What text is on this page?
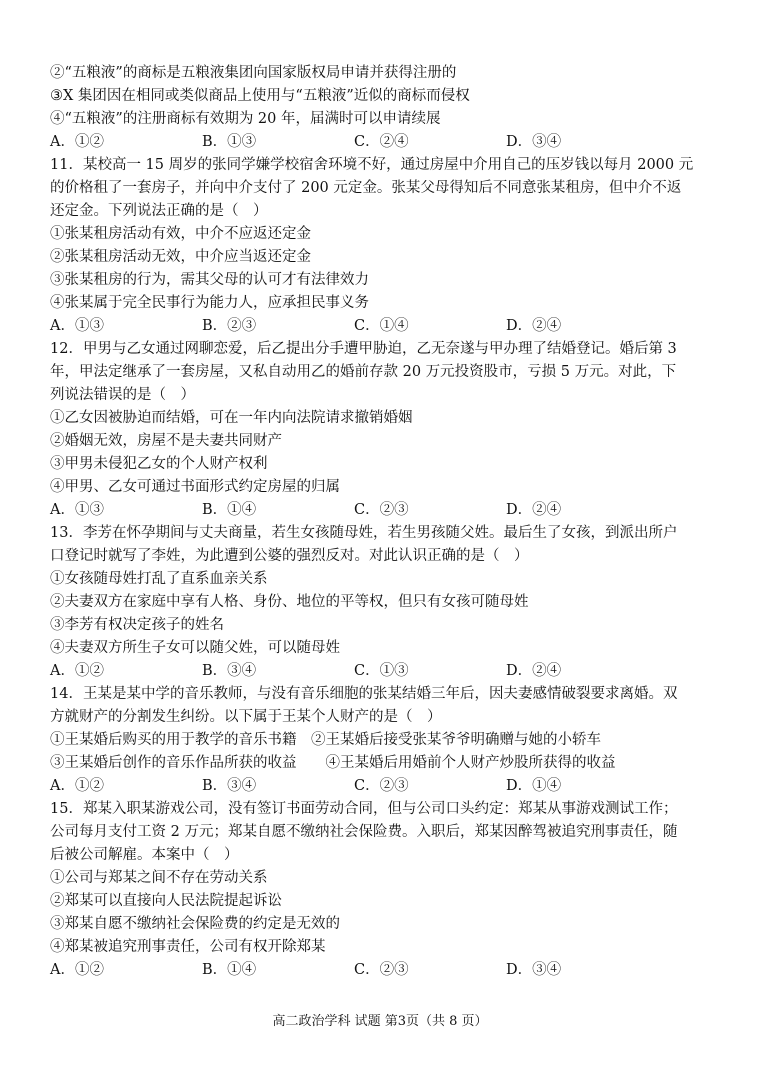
②“五粮液”的商标是五粮液集团向国家版权局申请并获得注册的
③X 集团因在相同或类似商品上使用与“五粮液”近似的商标而侵权
④“五粮液”的注册商标有效期为 20 年，届满时可以申请续展
A．①②	B．①③	C．②④	D．③④
11．某校高一 15 周岁的张同学嫌学校宿舍环境不好，通过房屋中介用自己的压岁钱以每月 2000 元
的价格租了一套房子，并向中介支付了 200 元定金。张某父母得知后不同意张某租房，但中介不返
还定金。下列说法正确的是（　）
①张某租房活动有效，中介不应返还定金
②张某租房活动无效，中介应当返还定金
③张某租房的行为，需其父母的认可才有法律效力
④张某属于完全民事行为能力人，应承担民事义务
A．①③	B．②③	C．①④	D．②④
12．甲男与乙女通过网聊恋爱，后乙提出分手遭甲胁迫，乙无奈遂与甲办理了结婚登记。婚后第 3
年，甲法定继承了一套房屋，又私自动用乙的婚前存款 20 万元投资股市，亏损 5 万元。对此，下
列说法错误的是（　）
①乙女因被胁迫而结婚，可在一年内向法院请求撤销婚姻
②婚姻无效，房屋不是夫妻共同财产
③甲男未侵犯乙女的个人财产权利
④甲男、乙女可通过书面形式约定房屋的归属
A．①③	B．①④	C．②③	D．②④
13．李芳在怀孕期间与丈夫商量，若生女孩随母姓，若生男孩随父姓。最后生了女孩，到派出所户
口登记时就写了李姓，为此遭到公婆的强烈反对。对此认识正确的是（　）
①女孩随母姓打乱了直系血亲关系
②夫妻双方在家庭中享有人格、身份、地位的平等权，但只有女孩可随母姓
③李芳有权决定孩子的姓名
④夫妻双方所生子女可以随父姓，可以随母姓
A．①②	B．③④	C．①③	D．②④
14．王某是某中学的音乐教师，与没有音乐细胞的张某结婚三年后，因夫妻感情破裂要求离婚。双
方就财产的分割发生纠纷。以下属于王某个人财产的是（　）
①王某婚后购买的用于教学的音乐书籍　②王某婚后接受张某爷爷明确赠与她的小轿车
③王某婚后创作的音乐作品所获的收益　　④王某婚后用婚前个人财产炒股所获得的收益
A．①②	B．③④	C．②③	D．①④
15．郑某入职某游戏公司，没有签订书面劳动合同，但与公司口头约定：郑某从事游戏测试工作；
公司每月支付工资 2 万元；郑某自愿不缴纳社会保险费。入职后，郑某因醉驾被追究刑事责任，随
后被公司解雇。本案中（　）
①公司与郑某之间不存在劳动关系
②郑某可以直接向人民法院提起诉讼
③郑某自愿不缴纳社会保险费的约定是无效的
④郑某被追究刑事责任，公司有权开除郑某
A．①②	B．①④	C．②③	D．③④
高二政治学科 试题 第3页（共 8 页）
